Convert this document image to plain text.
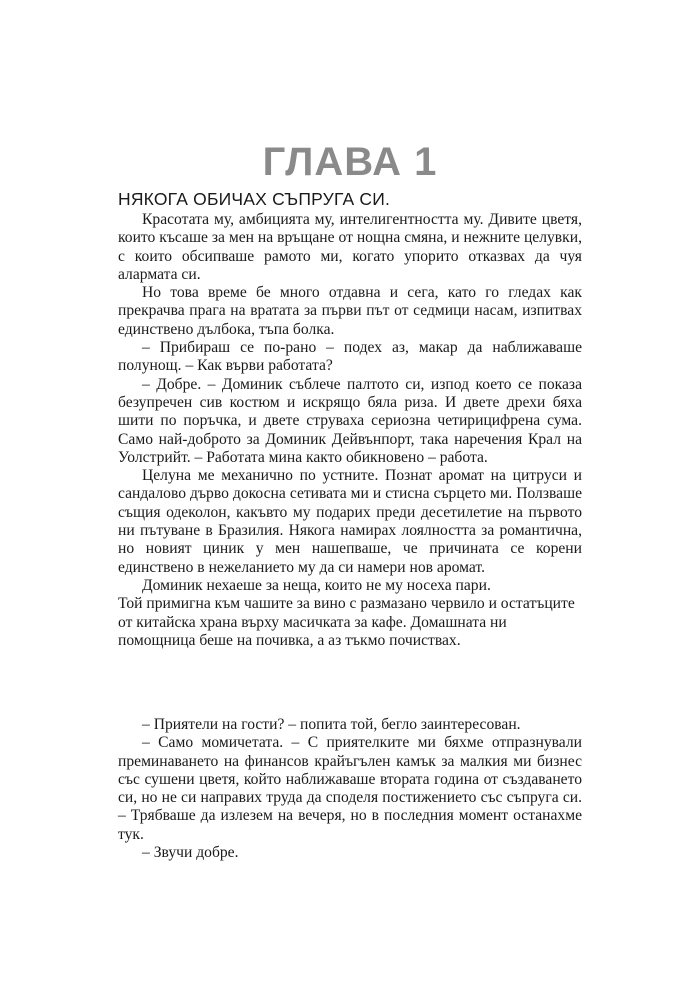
ГЛАВА 1

НЯКОГА ОБИЧАХ СЪПРУГА СИ.

Красотата му, амбицията му, интелигентността му. Дивите цветя, които късаше за мен на връщане от нощна смяна, и нежните целувки, с които обсипваше рамото ми, когато упорито отказвах да чуя алармата си.

Но това време бе много отдавна и сега, като го гледах как прекрачва прага на вратата за първи път от седмици насам, изпитвах единствено дълбока, тъпа болка.

– Прибираш се по-рано – подех аз, макар да наближаваше полунощ. – Как върви работата?

– Добре. – Доминик съблече палтото си, изпод което се показа безупречен сив костюм и искрящо бяла риза. И двете дрехи бяха шити по поръчка, и двете струваха сериозна четирицифрена сума. Само най-доброто за Доминик Дейвънпорт, така наречения Крал на Уолстрийт. – Работата мина както обикновено – работа.

Целуна ме механично по устните. Познат аромат на цитруси и сандалово дърво докосна сетивата ми и стисна сърцето ми. Ползваше същия одеколон, какъвто му подарих преди десетилетие на първото ни пътуване в Бразилия. Някога намирах лоялността за романтична, но новият циник у мен нашепваше, че причината се корени единствено в нежеланието му да си намери нов аромат.

Доминик нехаеше за неща, които не му носеха пари.

Той примигна към чашите за вино с размазано червило и остатъците от китайска храна върху масичката за кафе. Домашната ни помощница беше на почивка, а аз тъкмо почиствах.

– Приятели на гости? – попита той, бегло заинтересован.

– Само момичетата. – С приятелките ми бяхме отпразнували преминаването на финансов крайъгълен камък за малкия ми бизнес със сушени цветя, който наближаваше втората година от създаването си, но не си направих труда да споделя постижението със съпруга си. – Трябваше да излезем на вечеря, но в последния момент останахме тук.

– Звучи добре.
